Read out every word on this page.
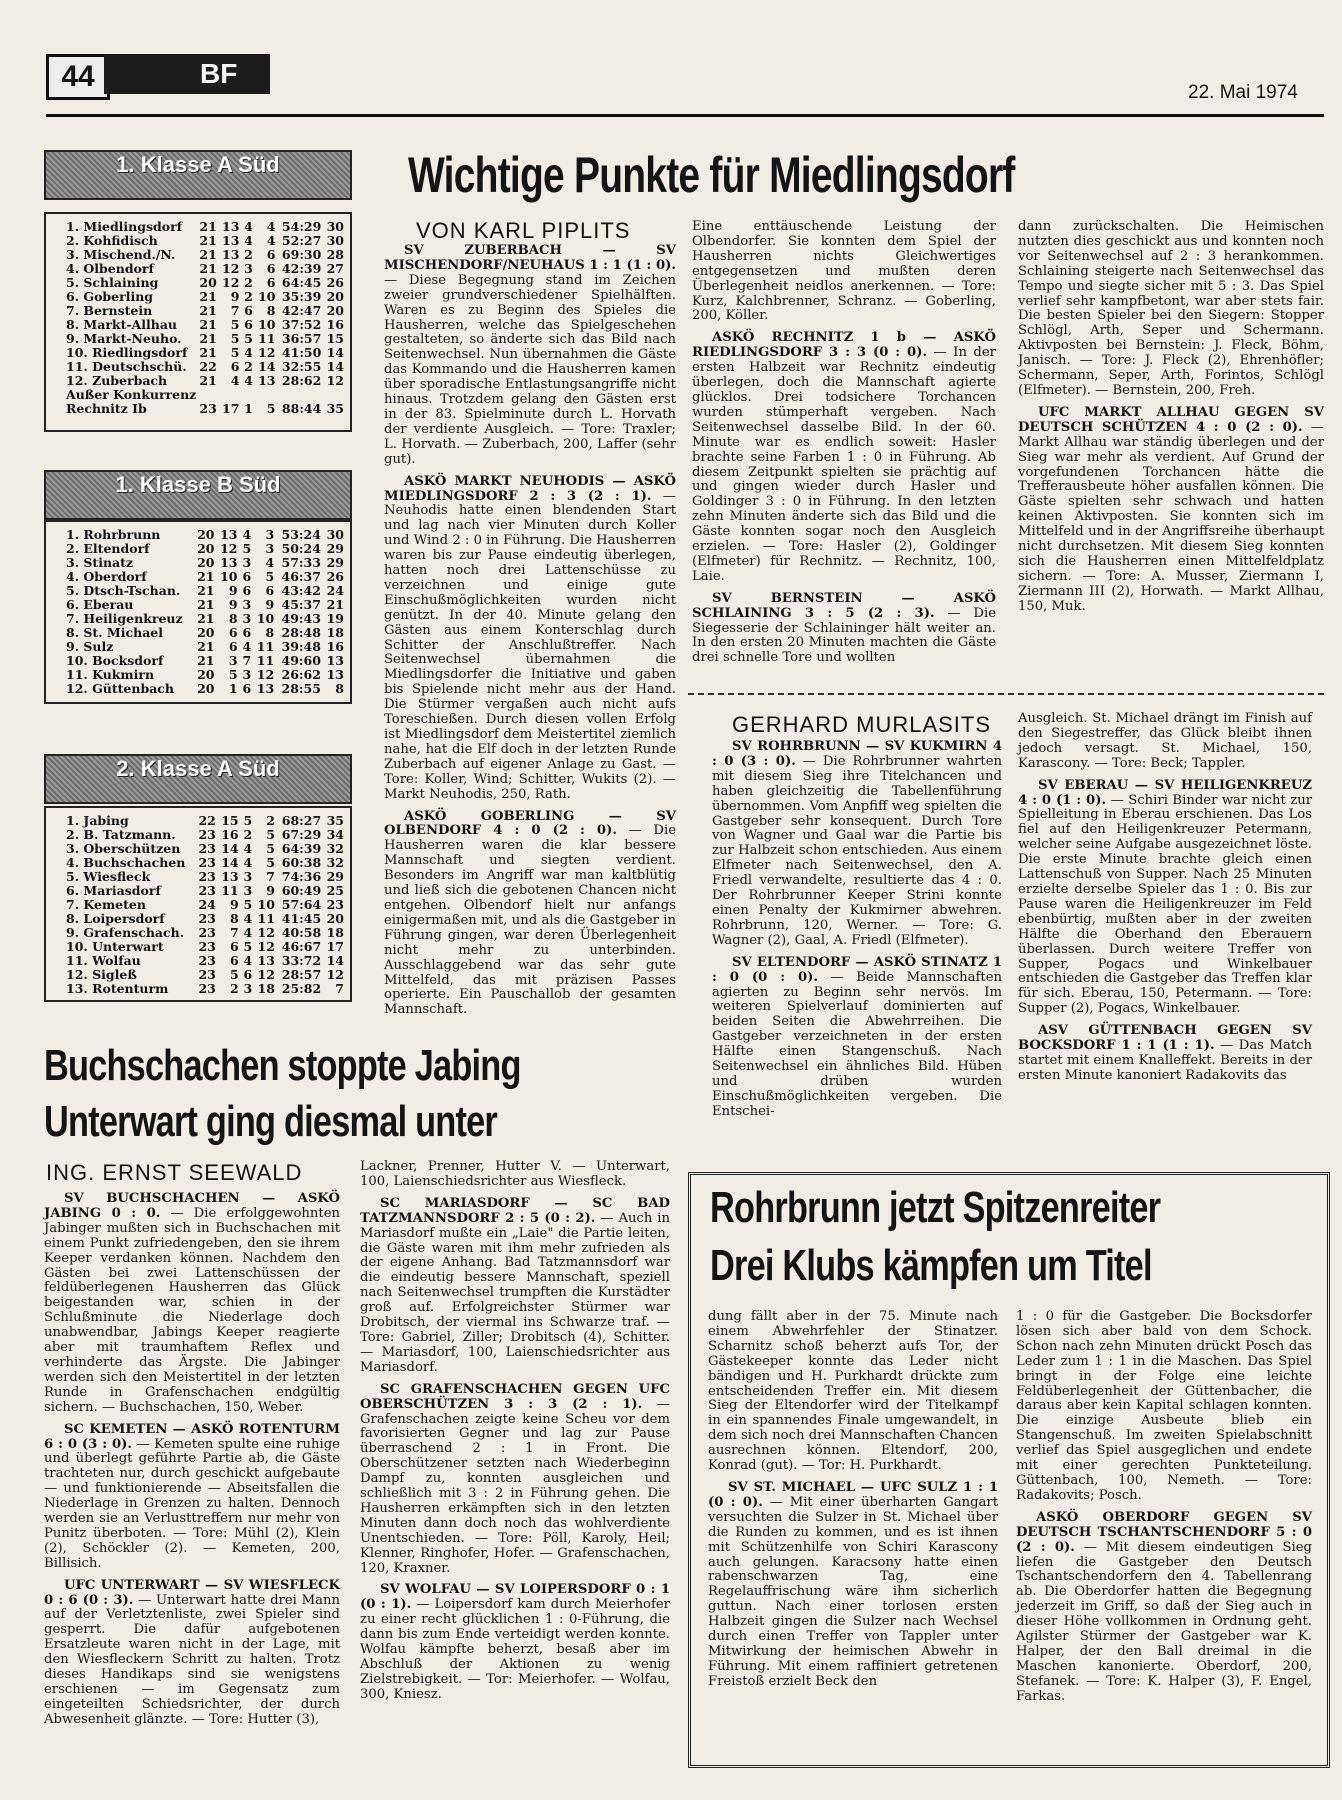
44	BF
22. Mai 1974
1. Klasse A Süd
1. Miedlingsdorf	21	13	4	4	54:29	30
2. Kohfidisch	21	13	4	4	52:27	30
3. Mischend./N.	21	13	2	6	69:30	28
4. Olbendorf	21	12	3	6	42:39	27
5. Schlaining	20	12	2	6	64:45	26
6. Goberling	21	9	2	10	35:39	20
7. Bernstein	21	7	6	8	42:47	20
8. Markt-Allhau	21	5	6	10	37:52	16
9. Markt-Neuho.	21	5	5	11	36:57	15
10. Riedlingsdorf	21	5	4	12	41:50	14
11. Deutschschü.	22	6	2	14	32:55	14
12. Zuberbach	21	4	4	13	28:62	12
Außer Konkurrenz						
Rechnitz Ib	23	17	1	5	88:44	35
1. Klasse B Süd
1. Rohrbrunn	20	13	4	3	53:24	30
2. Eltendorf	20	12	5	3	50:24	29
3. Stinatz	20	13	3	4	57:33	29
4. Oberdorf	21	10	6	5	46:37	26
5. Dtsch-Tschan.	21	9	6	6	43:42	24
6. Eberau	21	9	3	9	45:37	21
7. Heiligenkreuz	21	8	3	10	49:43	19
8. St. Michael	20	6	6	8	28:48	18
9. Sulz	21	6	4	11	39:48	16
10. Bocksdorf	21	3	7	11	49:60	13
11. Kukmirn	20	5	3	12	26:62	13
12. Güttenbach	20	1	6	13	28:55	8
2. Klasse A Süd
1. Jabing	22	15	5	2	68:27	35
2. B. Tatzmann.	23	16	2	5	67:29	34
3. Oberschützen	23	14	4	5	64:39	32
4. Buchschachen	23	14	4	5	60:38	32
5. Wiesfleck	23	13	3	7	74:36	29
6. Mariasdorf	23	11	3	9	60:49	25
7. Kemeten	24	9	5	10	57:64	23
8. Loipersdorf	23	8	4	11	41:45	20
9. Grafenschach.	23	7	4	12	40:58	18
10. Unterwart	23	6	5	12	46:67	17
11. Wolfau	23	6	4	13	33:72	14
12. Sigleß	23	5	6	12	28:57	12
13. Rotenturm	23	2	3	18	25:82	7
Wichtige Punkte für Miedlingsdorf
VON KARL PIPLITS

SV ZUBERBACH — SV MISCHENDORF/NEUHAUS 1 : 1 (1 : 0). — Diese Begegnung stand im Zeichen zweier grundverschiedener Spielhälften. Waren es zu Beginn des Spieles die Hausherren, welche das Spielgeschehen gestalteten, so änderte sich das Bild nach Seitenwechsel. Nun übernahmen die Gäste das Kommando und die Hausherren kamen über sporadische Entlastungsangriffe nicht hinaus. Trotzdem gelang den Gästen erst in der 83. Spielminute durch L. Horvath der verdiente Ausgleich. — Tore: Traxler; L. Horvath. — Zuberbach, 200, Laffer (sehr gut).

ASKÖ MARKT NEUHODIS — ASKÖ MIEDLINGSDORF 2 : 3 (2 : 1). — Neuhodis hatte einen blendenden Start und lag nach vier Minuten durch Koller und Wind 2 : 0 in Führung. Die Hausherren waren bis zur Pause eindeutig überlegen, hatten noch drei Lattenschüsse zu verzeichnen und einige gute Einschußmöglichkeiten wurden nicht genützt. In der 40. Minute gelang den Gästen aus einem Konterschlag durch Schitter der Anschlußtreffer. Nach Seitenwechsel übernahmen die Miedlingsdorfer die Initiative und gaben bis Spielende nicht mehr aus der Hand. Die Stürmer vergaßen auch nicht aufs Toreschießen. Durch diesen vollen Erfolg ist Miedlingsdorf dem Meistertitel ziemlich nahe, hat die Elf doch in der letzten Runde Zuberbach auf eigener Anlage zu Gast. — Tore: Koller, Wind; Schitter, Wukits (2). — Markt Neuhodis, 250, Rath.

ASKÖ GOBERLING — SV OLBENDORF 4 : 0 (2 : 0). — Die Hausherren waren die klar bessere Mannschaft und siegten verdient. Besonders im Angriff war man kaltblütig und ließ sich die gebotenen Chancen nicht entgehen. Olbendorf hielt nur anfangs einigermaßen mit, und als die Gastgeber in Führung gingen, war deren Überlegenheit nicht mehr zu unterbinden. Ausschlaggebend war das sehr gute Mittelfeld, das mit präzisen Passes operierte. Ein Pauschallob der gesamten Mannschaft.

Eine enttäuschende Leistung der Olbendorfer. Sie konnten dem Spiel der Hausherren nichts Gleichwertiges entgegensetzen und mußten deren Überlegenheit neidlos anerkennen. — Tore: Kurz, Kalchbrenner, Schranz. — Goberling, 200, Köller.

ASKÖ RECHNITZ 1 b — ASKÖ RIEDLINGSDORF 3 : 3 (0 : 0). — In der ersten Halbzeit war Rechnitz eindeutig überlegen, doch die Mannschaft agierte glücklos. Drei todsichere Torchancen wurden stümperhaft vergeben. Nach Seitenwechsel dasselbe Bild. In der 60. Minute war es endlich soweit: Hasler brachte seine Farben 1 : 0 in Führung. Ab diesem Zeitpunkt spielten sie prächtig auf und gingen wieder durch Hasler und Goldinger 3 : 0 in Führung. In den letzten zehn Minuten änderte sich das Bild und die Gäste konnten sogar noch den Ausgleich erzielen. — Tore: Hasler (2), Goldinger (Elfmeter) für Rechnitz. — Rechnitz, 100, Laie.

SV BERNSTEIN — ASKÖ SCHLAINING 3 : 5 (2 : 3). — Die Siegesserie der Schlaininger hält weiter an. In den ersten 20 Minuten machten die Gäste drei schnelle Tore und wollten

dann zurückschalten. Die Heimischen nutzten dies geschickt aus und konnten noch vor Seitenwechsel auf 2 : 3 herankommen. Schlaining steigerte nach Seitenwechsel das Tempo und siegte sicher mit 5 : 3. Das Spiel verlief sehr kampfbetont, war aber stets fair. Die besten Spieler bei den Siegern: Stopper Schlögl, Arth, Seper und Schermann. Aktivposten bei Bernstein: J. Fleck, Böhm, Janisch. — Tore: J. Fleck (2), Ehrenhöfler; Schermann, Seper, Arth, Forintos, Schlögl (Elfmeter). — Bernstein, 200, Freh.

UFC MARKT ALLHAU GEGEN SV DEUTSCH SCHÜTZEN 4 : 0 (2 : 0). — Markt Allhau war ständig überlegen und der Sieg war mehr als verdient. Auf Grund der vorgefundenen Torchancen hätte die Trefferausbeute höher ausfallen können. Die Gäste spielten sehr schwach und hatten keinen Aktivposten. Sie konnten sich im Mittelfeld und in der Angriffsreihe überhaupt nicht durchsetzen. Mit diesem Sieg konnten sich die Hausherren einen Mittelfeldplatz sichern. — Tore: A. Musser, Ziermann I, Ziermann III (2), Horwath. — Markt Allhau, 150, Muk.

Buchschachen stoppte Jabing
Unterwart ging diesmal unter
ING. ERNST SEEWALD

SV BUCHSCHACHEN — ASKÖ JABING 0 : 0. — Die erfolggewohnten Jabinger mußten sich in Buchschachen mit einem Punkt zufriedengeben, den sie ihrem Keeper verdanken können. Nachdem den Gästen bei zwei Lattenschüssen der feldüberlegenen Hausherren das Glück beigestanden war, schien in der Schlußminute die Niederlage doch unabwendbar, Jabings Keeper reagierte aber mit traumhaftem Reflex und verhinderte das Ärgste. Die Jabinger werden sich den Meistertitel in der letzten Runde in Grafenschachen endgültig sichern. — Buchschachen, 150, Weber.

SC KEMETEN — ASKÖ ROTENTURM 6 : 0 (3 : 0). — Kemeten spulte eine ruhige und überlegt geführte Partie ab, die Gäste trachteten nur, durch geschickt aufgebaute — und funktionierende — Abseitsfallen die Niederlage in Grenzen zu halten. Dennoch werden sie an Verlusttreffern nur mehr von Punitz überboten. — Tore: Mühl (2), Klein (2), Schöckler (2). — Kemeten, 200, Billisich.

UFC UNTERWART — SV WIESFLECK 0 : 6 (0 : 3). — Unterwart hatte drei Mann auf der Verletztenliste, zwei Spieler sind gesperrt. Die dafür aufgebotenen Ersatzleute waren nicht in der Lage, mit den Wiesfleckern Schritt zu halten. Trotz dieses Handikaps sind sie wenigstens erschienen — im Gegensatz zum eingeteilten Schiedsrichter, der durch Abwesenheit glänzte. — Tore: Hutter (3),

Lackner, Prenner, Hutter V. — Unterwart, 100, Laienschiedsrichter aus Wiesfleck.

SC MARIASDORF — SC BAD TATZMANNSDORF 2 : 5 (0 : 2). — Auch in Mariasdorf mußte ein „Laie" die Partie leiten, die Gäste waren mit ihm mehr zufrieden als der eigene Anhang. Bad Tatzmannsdorf war die eindeutig bessere Mannschaft, speziell nach Seitenwechsel trumpften die Kurstädter groß auf. Erfolgreichster Stürmer war Drobitsch, der viermal ins Schwarze traf. — Tore: Gabriel, Ziller; Drobitsch (4), Schitter. — Mariasdorf, 100, Laienschiedsrichter aus Mariasdorf.

SC GRAFENSCHACHEN GEGEN UFC OBERSCHÜTZEN 3 : 3 (2 : 1). — Grafenschachen zeigte keine Scheu vor dem favorisierten Gegner und lag zur Pause überraschend 2 : 1 in Front. Die Oberschützener setzten nach Wiederbeginn Dampf zu, konnten ausgleichen und schließlich mit 3 : 2 in Führung gehen. Die Hausherren erkämpften sich in den letzten Minuten dann doch noch das wohlverdiente Unentschieden. — Tore: Pöll, Karoly, Heil; Klenner, Ringhofer, Hofer. — Grafenschachen, 120, Kraxner.

SV WOLFAU — SV LOIPERSDORF 0 : 1 (0 : 1). — Loipersdorf kam durch Meierhofer zu einer recht glücklichen 1 : 0-Führung, die dann bis zum Ende verteidigt werden konnte. Wolfau kämpfte beherzt, besaß aber im Abschluß der Aktionen zu wenig Zielstrebigkeit. — Tor: Meierhofer. — Wolfau, 300, Kniesz.

GERHARD MURLASITS

SV ROHRBRUNN — SV KUKMIRN 4 : 0 (3 : 0). — Die Rohrbrunner wahrten mit diesem Sieg ihre Titelchancen und haben gleichzeitig die Tabellenführung übernommen. Vom Anpfiff weg spielten die Gastgeber sehr konsequent. Durch Tore von Wagner und Gaal war die Partie bis zur Halbzeit schon entschieden. Aus einem Elfmeter nach Seitenwechsel, den A. Friedl verwandelte, resultierte das 4 : 0. Der Rohrbrunner Keeper Strini konnte einen Penalty der Kukmirner abwehren. Rohrbrunn, 120, Werner. — Tore: G. Wagner (2), Gaal, A. Friedl (Elfmeter).

SV ELTENDORF — ASKÖ STINATZ 1 : 0 (0 : 0). — Beide Mannschaften agierten zu Beginn sehr nervös. Im weiteren Spielverlauf dominierten auf beiden Seiten die Abwehrreihen. Die Gastgeber verzeichneten in der ersten Hälfte einen Stangenschuß. Nach Seitenwechsel ein ähnliches Bild. Hüben und drüben wurden Einschußmöglichkeiten vergeben. Die Entschei-

Ausgleich. St. Michael drängt im Finish auf den Siegestreffer, das Glück bleibt ihnen jedoch versagt. St. Michael, 150, Karascony. — Tore: Beck; Tappler.

SV EBERAU — SV HEILIGENKREUZ 4 : 0 (1 : 0). — Schiri Binder war nicht zur Spielleitung in Eberau erschienen. Das Los fiel auf den Heiligenkreuzer Petermann, welcher seine Aufgabe ausgezeichnet löste. Die erste Minute brachte gleich einen Lattenschuß von Supper. Nach 25 Minuten erzielte derselbe Spieler das 1 : 0. Bis zur Pause waren die Heiligenkreuzer im Feld ebenbürtig, mußten aber in der zweiten Hälfte die Oberhand den Eberauern überlassen. Durch weitere Treffer von Supper, Pogacs und Winkelbauer entschieden die Gastgeber das Treffen klar für sich. Eberau, 150, Petermann. — Tore: Supper (2), Pogacs, Winkelbauer.

ASV GÜTTENBACH GEGEN SV BOCKSDORF 1 : 1 (1 : 1). — Das Match startet mit einem Knalleffekt. Bereits in der ersten Minute kanoniert Radakovits das

Rohrbrunn jetzt Spitzenreiter
Drei Klubs kämpfen um Titel

dung fällt aber in der 75. Minute nach einem Abwehrfehler der Stinatzer. Scharnitz schoß beherzt aufs Tor, der Gästekeeper konnte das Leder nicht bändigen und H. Purkhardt drückte zum entscheidenden Treffer ein. Mit diesem Sieg der Eltendorfer wird der Titelkampf in ein spannendes Finale umgewandelt, in dem sich noch drei Mannschaften Chancen ausrechnen können. Eltendorf, 200, Konrad (gut). — Tor: H. Purkhardt.

SV ST. MICHAEL — UFC SULZ 1 : 1 (0 : 0). — Mit einer überharten Gangart versuchten die Sulzer in St. Michael über die Runden zu kommen, und es ist ihnen mit Schützenhilfe von Schiri Karascony auch gelungen. Karacsony hatte einen rabenschwarzen Tag, eine Regelauffrischung wäre ihm sicherlich guttun. Nach einer torlosen ersten Halbzeit gingen die Sulzer nach Wechsel durch einen Treffer von Tappler unter Mitwirkung der heimischen Abwehr in Führung. Mit einem raffiniert getretenen Freistoß erzielt Beck den

1 : 0 für die Gastgeber. Die Bocksdorfer lösen sich aber bald von dem Schock. Schon nach zehn Minuten drückt Posch das Leder zum 1 : 1 in die Maschen. Das Spiel bringt in der Folge eine leichte Feldüberlegenheit der Güttenbacher, die daraus aber kein Kapital schlagen konnten. Die einzige Ausbeute blieb ein Stangenschuß. Im zweiten Spielabschnitt verlief das Spiel ausgeglichen und endete mit einer gerechten Punkteteilung. Güttenbach, 100, Nemeth. — Tore: Radakovits; Posch.

ASKÖ OBERDORF GEGEN SV DEUTSCH TSCHANTSCHENDORF 5 : 0 (2 : 0). — Mit diesem eindeutigen Sieg liefen die Gastgeber den Deutsch Tschantschendorfern den 4. Tabellenrang ab. Die Oberdorfer hatten die Begegnung jederzeit im Griff, so daß der Sieg auch in dieser Höhe vollkommen in Ordnung geht. Agilster Stürmer der Gastgeber war K. Halper, der den Ball dreimal in die Maschen kanonierte. Oberdorf, 200, Stefanek. — Tore: K. Halper (3), F. Engel, Farkas.
